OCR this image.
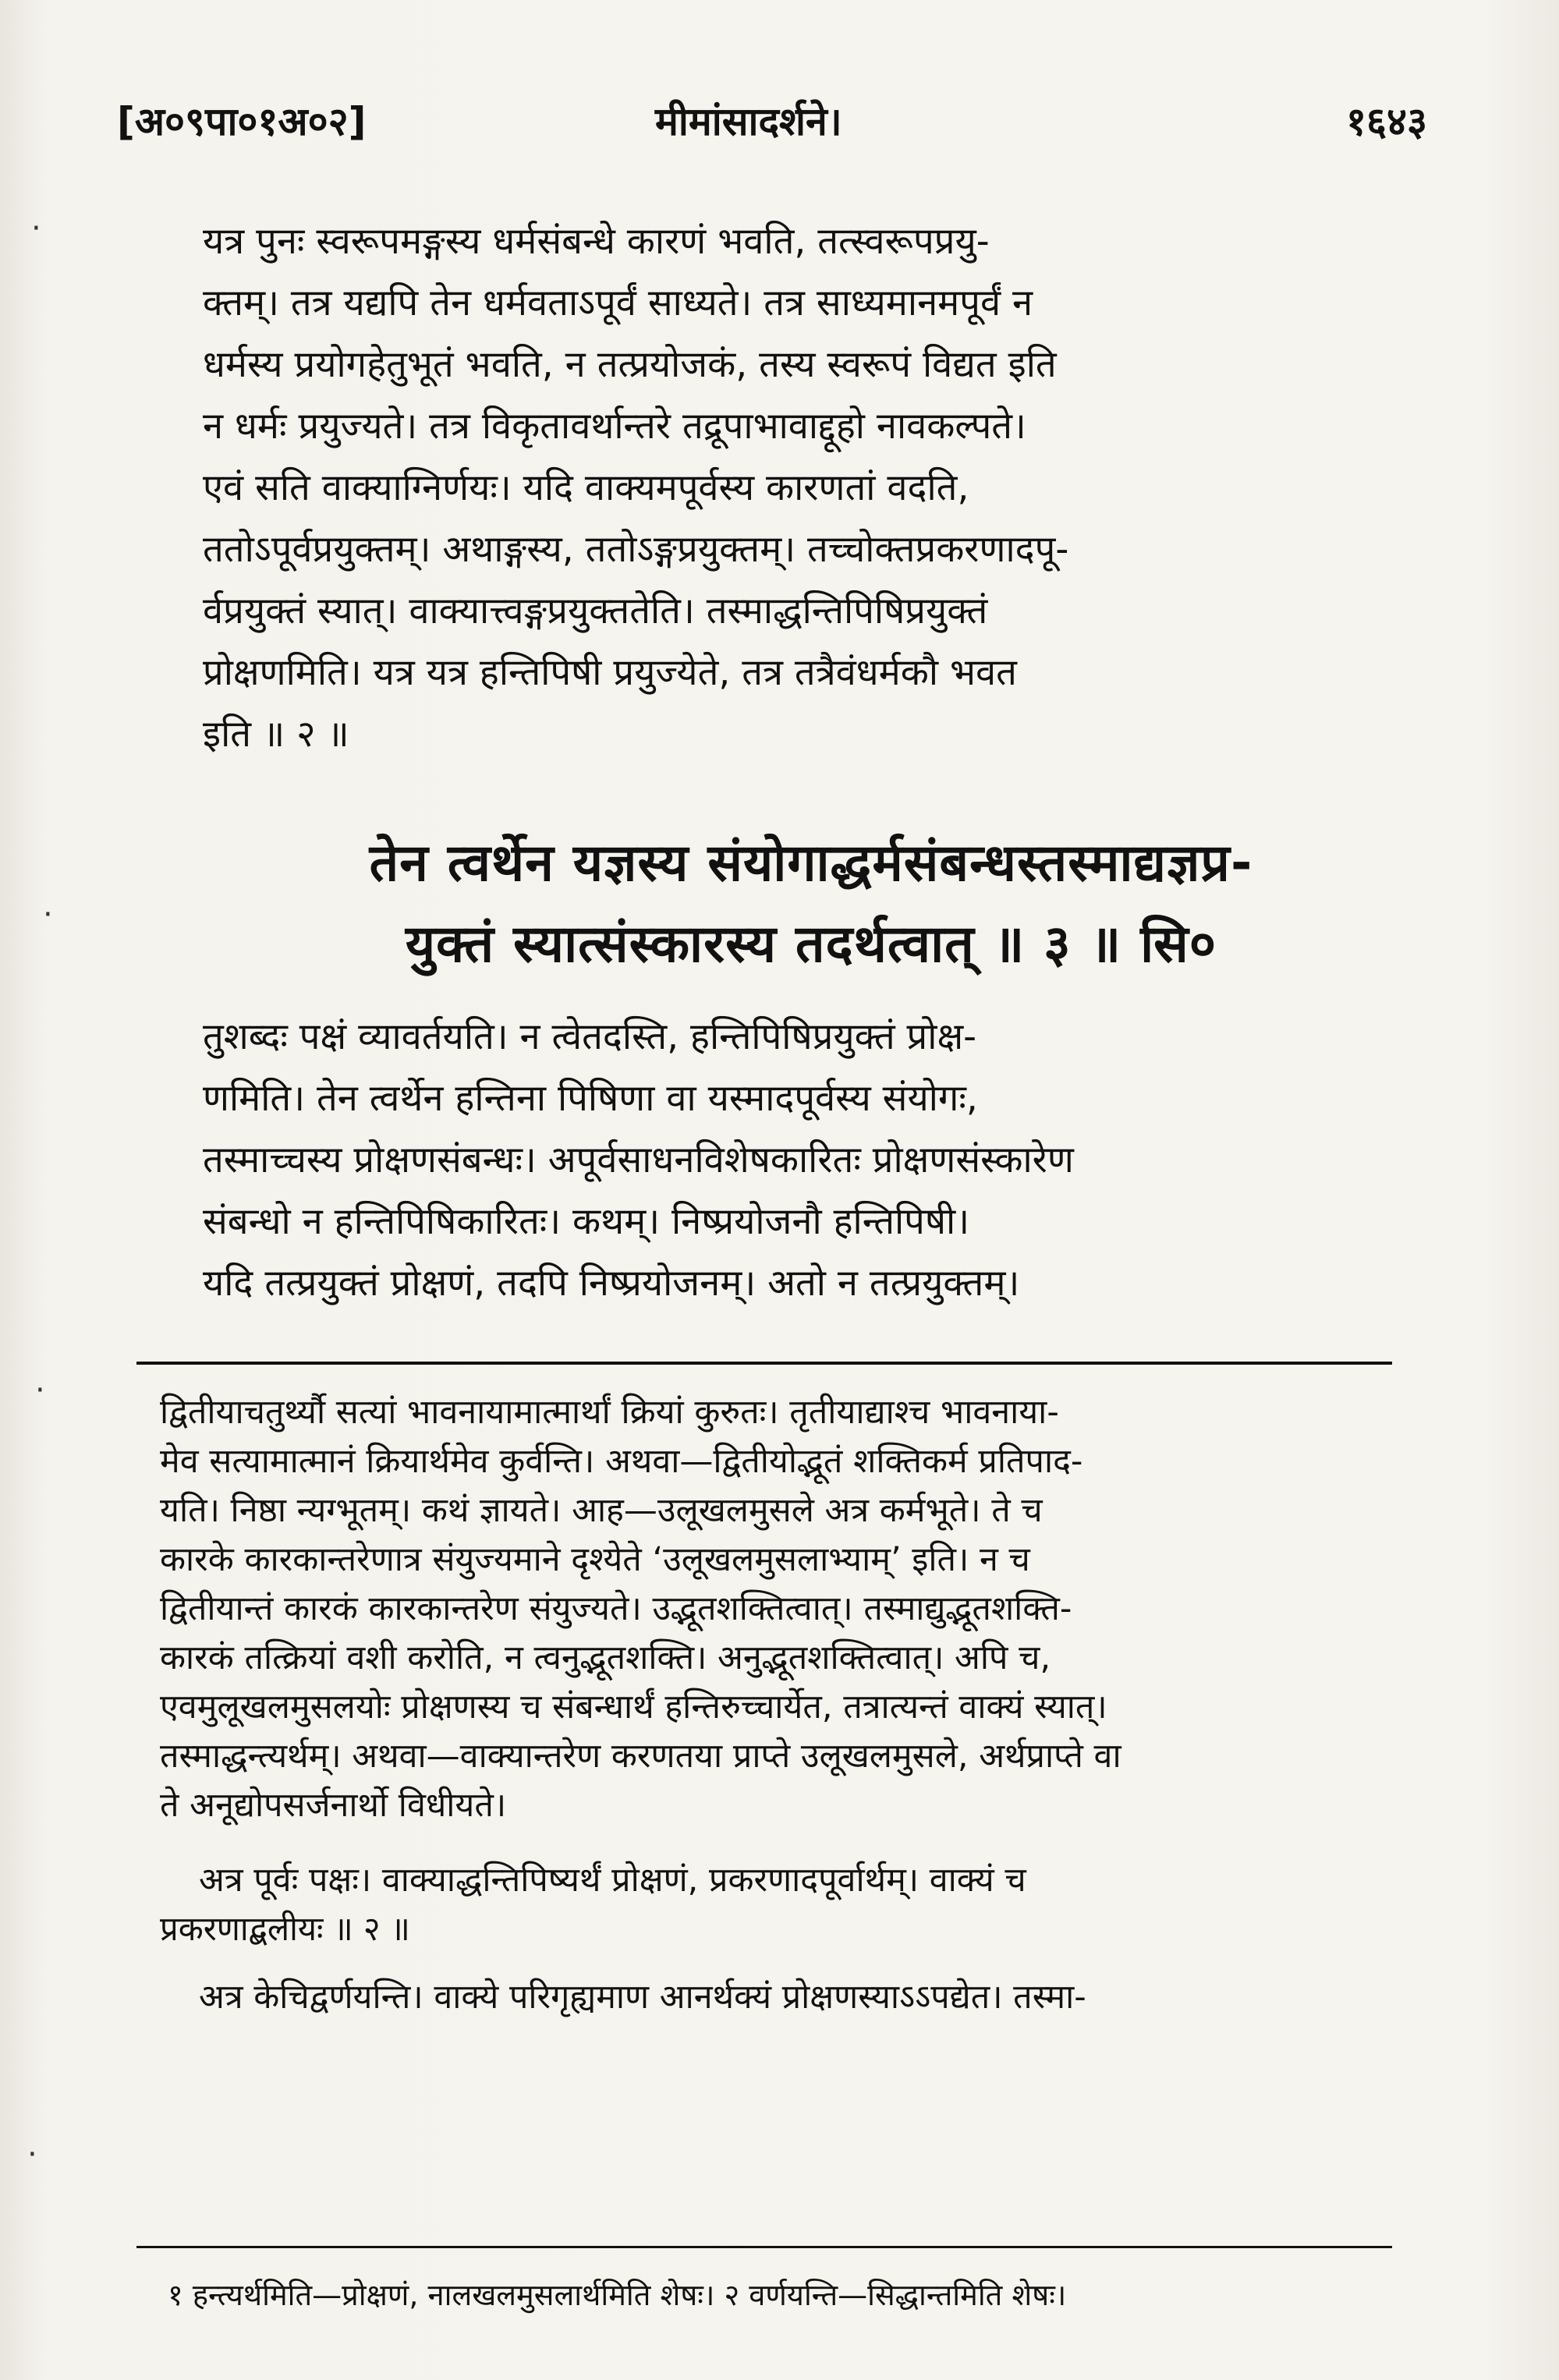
[अ०९पा०१अ०२]	मीमांसादर्शने।	१६४३
यत्र पुनः स्वरूपमङ्गस्य धर्मसंबन्धे कारणं भवति, तत्स्वरूपप्रयु-
क्तम्। तत्र यद्यपि तेन धर्मवताऽपूर्वं साध्यते। तत्र साध्यमानमपूर्वं न
धर्मस्य प्रयोगहेतुभूतं भवति, न तत्प्रयोजकं, तस्य स्वरूपं विद्यत इति
न धर्मः प्रयुज्यते। तत्र विकृतावर्थान्तरे तद्रूपाभावाद्दूहो नावकल्पते।
एवं सति वाक्याग्निर्णयः। यदि वाक्यमपूर्वस्य कारणतां वदति,
ततोऽपूर्वप्रयुक्तम्। अथाङ्गस्य, ततोऽङ्गप्रयुक्तम्। तच्चोक्तप्रकरणादपू-
र्वप्रयुक्तं स्यात्। वाक्यात्त्वङ्गप्रयुक्ततेति। तस्माद्धन्तिपिषिप्रयुक्तं
प्रोक्षणमिति। यत्र यत्र हन्तिपिषी प्रयुज्येते, तत्र तत्रैवंधर्मकौ भवत
इति ॥ २ ॥
तेन त्वर्थेन यज्ञस्य संयोगाद्धर्मसंबन्धस्तस्माद्यज्ञप्र-
युक्तं स्यात्संस्कारस्य तदर्थत्वात् ॥ ३ ॥ सि०
तुशब्दः पक्षं व्यावर्तयति। न त्वेतदस्ति, हन्तिपिषिप्रयुक्तं प्रोक्ष-
णमिति। तेन त्वर्थेन हन्तिना पिषिणा वा यस्मादपूर्वस्य संयोगः,
तस्माच्चस्य प्रोक्षणसंबन्धः। अपूर्वसाधनविशेषकारितः प्रोक्षणसंस्कारेण
संबन्धो न हन्तिपिषिकारितः। कथम्। निष्प्रयोजनौ हन्तिपिषी।
यदि तत्प्रयुक्तं प्रोक्षणं, तदपि निष्प्रयोजनम्। अतो न तत्प्रयुक्तम्।
द्वितीयाचतुर्थ्यौ सत्यां भावनायामात्मार्थां क्रियां कुरुतः। तृतीयाद्याश्च भावनाया-
मेव सत्यामात्मानं क्रियार्थमेव कुर्वन्ति। अथवा—द्वितीयोद्भूतं शक्तिकर्म प्रतिपाद-
यति। निष्ठा न्यग्भूतम्। कथं ज्ञायते। आह—उलूखलमुसले अत्र कर्मभूते। ते च
कारके कारकान्तरेणात्र संयुज्यमाने दृश्येते ‘उलूखलमुसलाभ्याम्’ इति। न च
द्वितीयान्तं कारकं कारकान्तरेण संयुज्यते। उद्भूतशक्तित्वात्। तस्माद्युद्भूतशक्ति-
कारकं तत्क्रियां वशी करोति, न त्वनुद्भूतशक्ति। अनुद्भूतशक्तित्वात्। अपि च,
एवमुलूखलमुसलयोः प्रोक्षणस्य च संबन्धार्थं हन्तिरुच्चार्येत, तत्रात्यन्तं वाक्यं स्यात्।
तस्माद्धन्त्यर्थम्। अथवा—वाक्यान्तरेण करणतया प्राप्ते उलूखलमुसले, अर्थप्राप्ते वा
ते अनूद्योपसर्जनार्थो विधीयते।
अत्र पूर्वः पक्षः। वाक्याद्धन्तिपिष्यर्थं प्रोक्षणं, प्रकरणादपूर्वार्थम्। वाक्यं च
प्रकरणाद्बलीयः ॥ २ ॥
अत्र केचिद्वर्णयन्ति। वाक्ये परिगृह्यमाण आनर्थक्यं प्रोक्षणस्याऽऽपद्येत। तस्मा-
१ हन्त्यर्थमिति—प्रोक्षणं, नालखलमुसलार्थमिति शेषः। २ वर्णयन्ति—सिद्धान्तमिति शेषः।
·
·
·
·
